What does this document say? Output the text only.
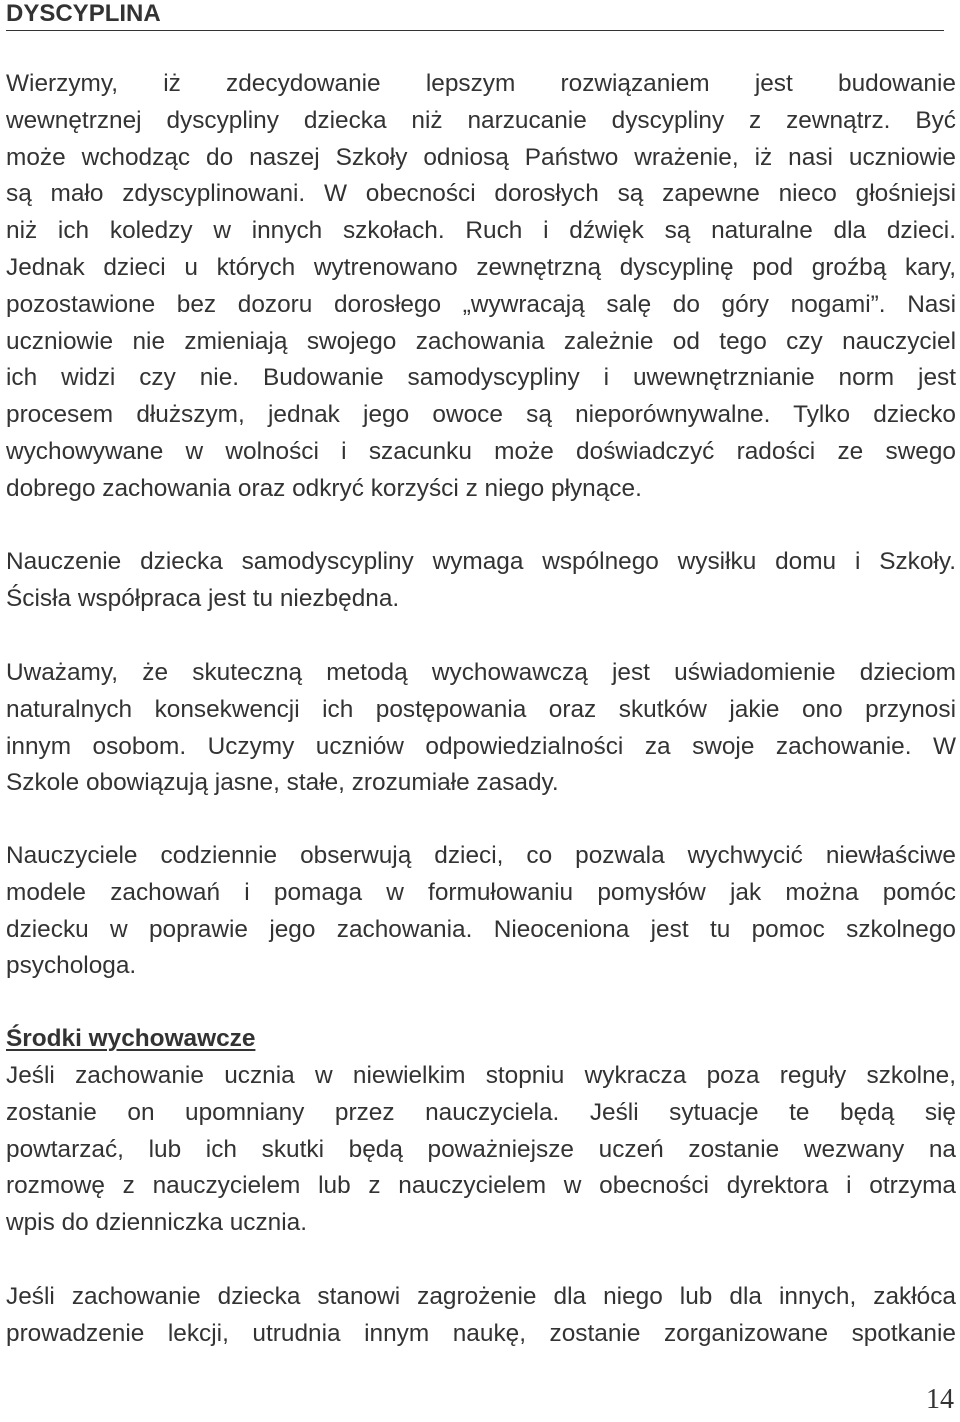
DYSCYPLINA
Wierzymy, iż zdecydowanie lepszym rozwiązaniem jest budowanie
wewnętrznej dyscypliny dziecka niż narzucanie dyscypliny z zewnątrz. Być
może wchodząc do naszej Szkoły odniosą Państwo wrażenie, iż nasi uczniowie
są mało zdyscyplinowani. W obecności dorosłych są zapewne nieco głośniejsi
niż ich koledzy w innych szkołach. Ruch i dźwięk są naturalne dla dzieci.
Jednak dzieci u których wytrenowano zewnętrzną dyscyplinę pod groźbą kary,
pozostawione bez dozoru dorosłego „wywracają salę do góry nogami”. Nasi
uczniowie nie zmieniają swojego zachowania zależnie od tego czy nauczyciel
ich widzi czy nie. Budowanie samodyscypliny i uwewnętrznianie norm jest
procesem dłuższym, jednak jego owoce są nieporównywalne. Tylko dziecko
wychowywane w wolności i szacunku może doświadczyć radości ze swego
dobrego zachowania oraz odkryć korzyści z niego płynące.
Nauczenie dziecka samodyscypliny wymaga wspólnego wysiłku domu i Szkoły.
Ścisła współpraca jest tu niezbędna.
Uważamy, że skuteczną metodą wychowawczą jest uświadomienie dzieciom
naturalnych konsekwencji ich postępowania oraz skutków jakie ono przynosi
innym osobom. Uczymy uczniów odpowiedzialności za swoje zachowanie. W
Szkole obowiązują jasne, stałe, zrozumiałe zasady.
Nauczyciele codziennie obserwują dzieci, co pozwala wychwycić niewłaściwe
modele zachowań i pomaga w formułowaniu pomysłów jak można pomóc
dziecku w poprawie jego zachowania. Nieoceniona jest tu pomoc szkolnego
psychologa.
Środki wychowawcze
Jeśli zachowanie ucznia w niewielkim stopniu wykracza poza reguły szkolne,
zostanie on upomniany przez nauczyciela. Jeśli sytuacje te będą się
powtarzać, lub ich skutki będą poważniejsze uczeń zostanie wezwany na
rozmowę z nauczycielem lub z nauczycielem w obecności dyrektora i otrzyma
wpis do dzienniczka ucznia.
Jeśli zachowanie dziecka stanowi zagrożenie dla niego lub dla innych, zakłóca
prowadzenie lekcji, utrudnia innym naukę, zostanie zorganizowane spotkanie
14
